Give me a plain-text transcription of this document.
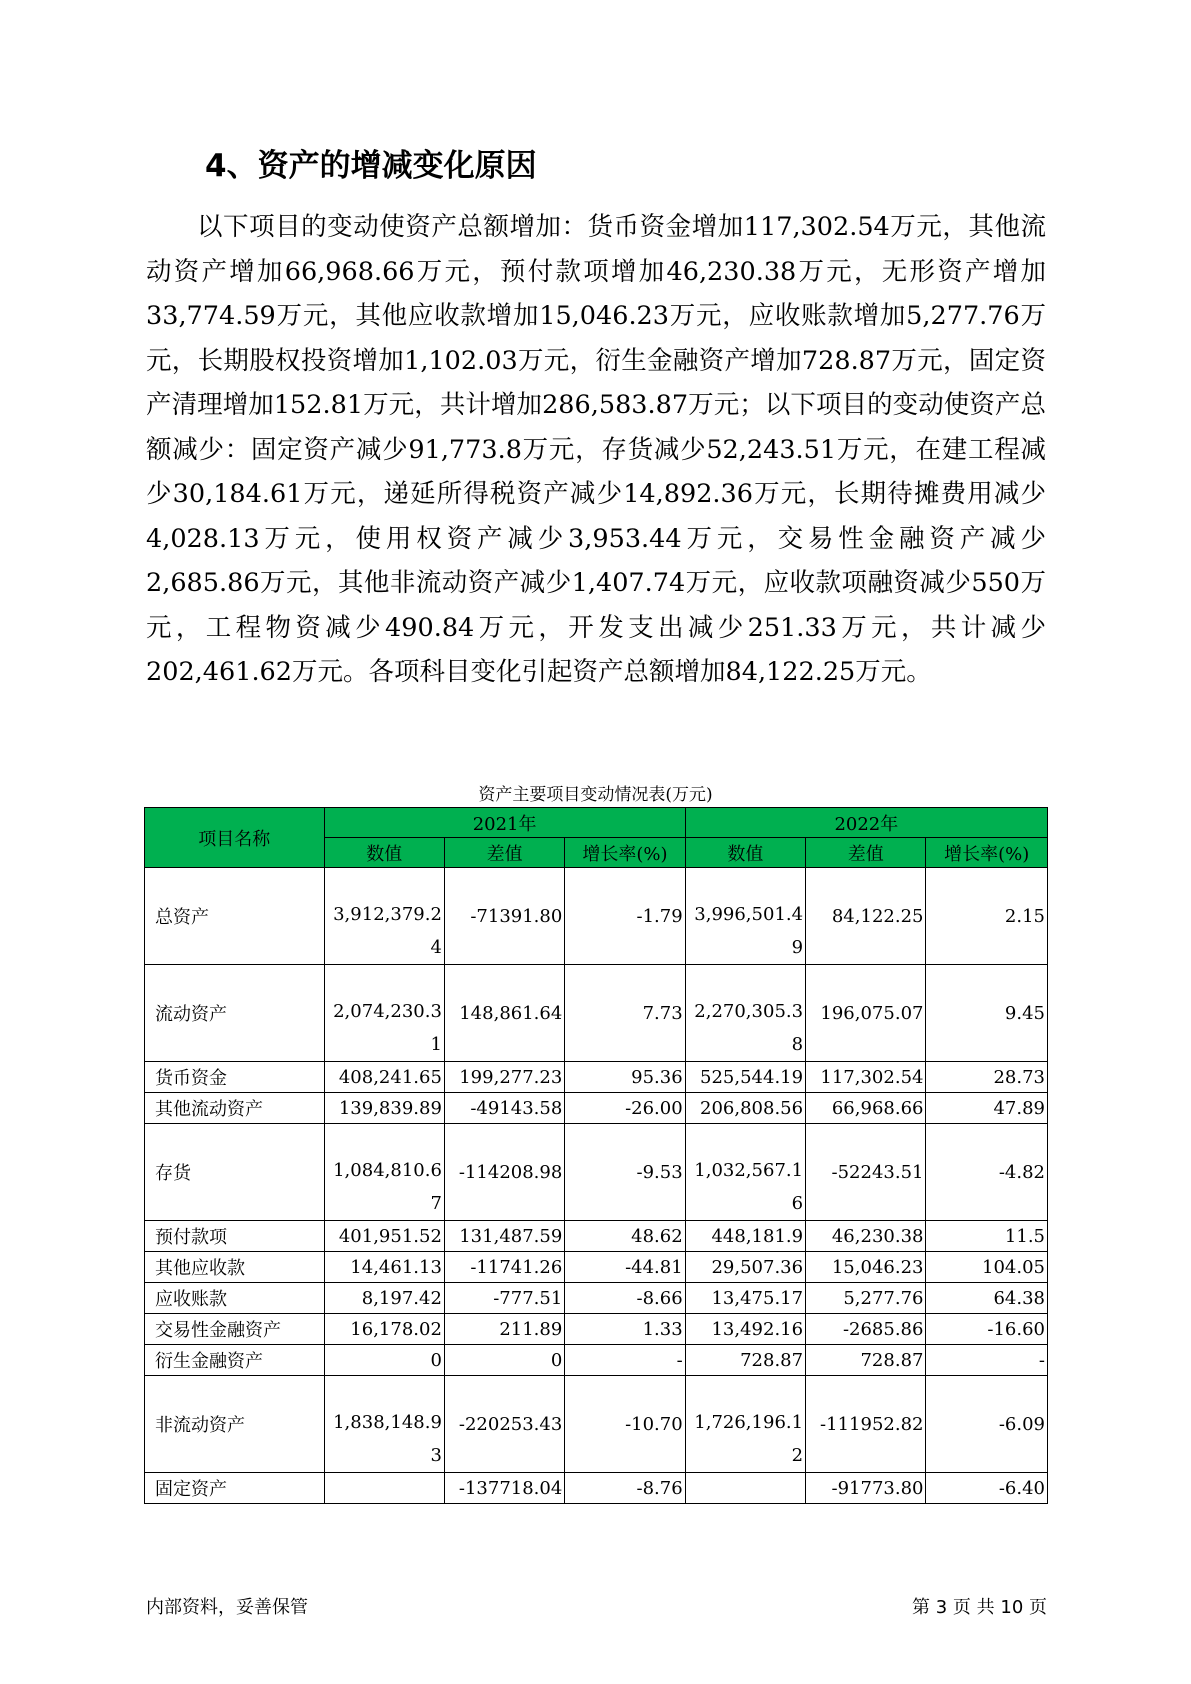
4、资产的增减变化原因

以下项目的变动使资产总额增加：货币资金增加117,302.54万元，其他流动资产增加66,968.66万元，预付款项增加46,230.38万元，无形资产增加33,774.59万元，其他应收款增加15,046.23万元，应收账款增加5,277.76万元，长期股权投资增加1,102.03万元，衍生金融资产增加728.87万元，固定资产清理增加152.81万元，共计增加286,583.87万元；以下项目的变动使资产总额减少：固定资产减少91,773.8万元，存货减少52,243.51万元，在建工程减少30,184.61万元，递延所得税资产减少14,892.36万元，长期待摊费用减少4,028.13万元，使用权资产减少3,953.44万元，交易性金融资产减少2,685.86万元，其他非流动资产减少1,407.74万元，应收款项融资减少550万元，工程物资减少490.84万元，开发支出减少251.33万元，共计减少202,461.62万元。各项科目变化引起资产总额增加84,122.25万元。

资产主要项目变动情况表(万元)

项目名称	2021年			2022年		
	数值	差值	增长率(%)	数值	差值	增长率(%)
总资产	3,912,379.24	-71391.80	-1.79	3,996,501.49	84,122.25	2.15
流动资产	2,074,230.31	148,861.64	7.73	2,270,305.38	196,075.07	9.45
货币资金	408,241.65	199,277.23	95.36	525,544.19	117,302.54	28.73
其他流动资产	139,839.89	-49143.58	-26.00	206,808.56	66,968.66	47.89
存货	1,084,810.67	-114208.98	-9.53	1,032,567.16	-52243.51	-4.82
预付款项	401,951.52	131,487.59	48.62	448,181.9	46,230.38	11.5
其他应收款	14,461.13	-11741.26	-44.81	29,507.36	15,046.23	104.05
应收账款	8,197.42	-777.51	-8.66	13,475.17	5,277.76	64.38
交易性金融资产	16,178.02	211.89	1.33	13,492.16	-2685.86	-16.60
衍生金融资产	0	0	-	728.87	728.87	-
非流动资产	1,838,148.93	-220253.43	-10.70	1,726,196.12	-111952.82	-6.09
固定资产		-137718.04	-8.76		-91773.80	-6.40
内部资料，妥善保管	第 3 页 共 10 页
